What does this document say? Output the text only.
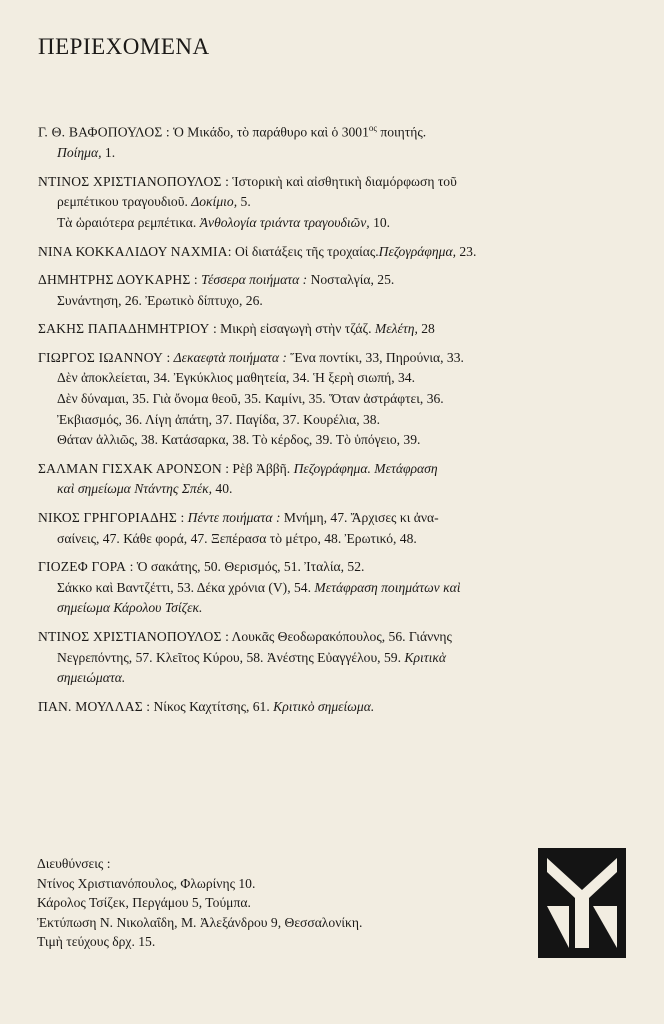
ΠΕΡΙΕΧΟΜΕΝΑ
Γ. Θ. ΒΑΦΟΠΟΥΛΟΣ : Ὁ Μικάδο, τὸ παράθυρο καὶ ὁ $3001^{o\varsigma}$ ποιητής.
Ποίημα, 1.
ΝΤΙΝΟΣ ΧΡΙΣΤΙΑΝΟΠΟΥΛΟΣ : Ἱστορικὴ καὶ αἰσθητικὴ διαμόρφωση τοῦ
ρεμπέτικου τραγουδιοῦ. Δοκίμιο, 5.
Τὰ ὡραιότερα ρεμπέτικα. Ἀνθολογία τριάντα τραγουδιῶν, 10.
ΝΙΝΑ ΚΟΚΚΑΛΙΔΟΥ ΝΑΧΜΙΑ: Οἱ διατάξεις τῆς τροχαίας.Πεζογράφημα, 23.
ΔΗΜΗΤΡΗΣ ΔΟΥΚΑΡΗΣ : Τέσσερα ποιήματα : Νοσταλγία, 25.
Συνάντηση, 26. Ἐρωτικὸ δίπτυχο, 26.
ΣΑΚΗΣ ΠΑΠΑΔΗΜΗΤΡΙΟΥ : Μικρὴ εἰσαγωγὴ στὴν τζάζ. Μελέτη, 28
ΓΙΩΡΓΟΣ ΙΩΑΝΝΟΥ : Δεκαεφτὰ ποιήματα : Ἕνα ποντίκι, 33, Πηρούνια, 33.
Δὲν ἀποκλείεται, 34. Ἐγκύκλιος μαθητεία, 34. Ἡ ξερὴ σιωπή, 34.
Δὲν δύναμαι, 35. Γιὰ ὄνομα θεοῦ, 35. Καμίνι, 35. Ὅταν ἀστράφτει, 36.
Ἐκβιασμός, 36. Λίγη ἀπάτη, 37. Παγίδα, 37. Κουρέλια, 38.
Θάταν ἀλλιῶς, 38. Κατάσαρκα, 38. Τὸ κέρδος, 39. Τὸ ὑπόγειο, 39.
ΣΑΛΜΑΝ ΓΙΣΧΑΚ ΑΡΟΝΣΟΝ : Ρὲβ Ἀββῆ. Πεζογράφημα. Μετάφραση
καὶ σημείωμα Ντάντης Σπέκ, 40.
ΝΙΚΟΣ ΓΡΗΓΟΡΙΑΔΗΣ : Πέντε ποιήματα : Μνήμη, 47. Ἄρχισες κι ἀνα-
σαίνεις, 47. Κάθε φορά, 47. Ξεπέρασα τὸ μέτρο, 48. Ἐρωτικό, 48.
ΓΙΟΖΕΦ ΓΟΡΑ : Ὁ σακάτης, 50. Θερισμός, 51. Ἰταλία, 52.
Σάκκο καὶ Βαντζέττι, 53. Δέκα χρόνια (V), 54. Μετάφραση ποιημάτων καὶ
σημείωμα Κάρολου Τσίζεκ.
ΝΤΙΝΟΣ ΧΡΙΣΤΙΑΝΟΠΟΥΛΟΣ : Λουκᾶς Θεοδωρακόπουλος, 56. Γιάννης
Νεγρεπόντης, 57. Κλεῖτος Κύρου, 58. Ἀνέστης Εὐαγγέλου, 59. Κριτικὰ
σημειώματα.
ΠΑΝ. ΜΟΥΛΛΑΣ : Νίκος Καχτίτσης, 61. Κριτικὸ σημείωμα.
Διευθύνσεις :
Ντίνος Χριστιανόπουλος, Φλωρίνης 10.
Κάρολος Τσίζεκ, Περγάμου 5, Τούμπα.
Ἐκτύπωση Ν. Νικολαΐδη, Μ. Ἀλεξάνδρου 9, Θεσσαλονίκη.
Τιμὴ τεύχους δρχ. 15.
